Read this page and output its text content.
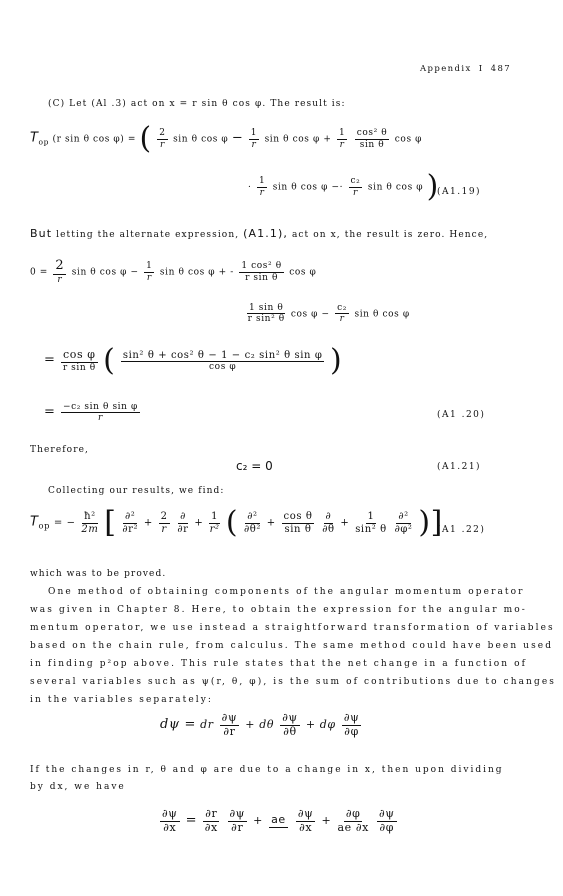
Appendix I 487
(C) Let (Al .3) act on x = r sin θ cos φ. The result is:
$T_{op}$ (r sin θ cos φ) = ( $\frac{2}{r}$ sin θ $\cos \varphi - \frac{1}{r}$ sin θ $\cos \varphi + \frac{1}{r}$
$\frac{\text{cos² θ}}{\text{sin θ}}$ cos φ
· $\frac{1}{r}$ sin θ $\cos \varphi -\cdot \frac{\text{c₂}}{r}$ sin θ cos φ )
(A1.19)
But letting the alternate expression, (A1.1), act on x, the result is zero. Hence,
$0 = \frac{2}{r}$ sin θ $\cos \varphi - \frac{1}{r}$ sin θ cos φ + - $\frac{\text{1 cos² θ}}{\text{r sin θ}}$ cos φ
$\frac{\text{1 sin θ}}{\text{r sin² θ}}$ $\cos \varphi - \frac{\text{c₂}}{r}$ sin θ cos φ
= $\frac{\text{cos φ}}{\text{r sin θ}}$ ( $\frac{\text{sin² θ + cos² θ − 1 − c₂ sin² θ sin φ}}{\text{cos φ}}$ )
= $\frac{\text{−c₂ sin θ sin φ}}{r}$	(A1 .20)
Therefore,
c₂ = 0	(A1.21)
Collecting our results, we find:
$T_{op}$ = − $\frac{\text{ħ²}}{2m}$ [ $\frac{\text{∂²}}{\text{∂r²}} + \frac{2}{r}$
$\frac{\partial}{\partial r} + \frac{1}{\text{r²}}$ ( $\frac{\text{∂²}}{\text{∂θ²}} + \frac{\text{cos θ}}{\text{sin θ}}$
$\frac{\partial}{\partial\theta} + \frac{1}{\text{sin² θ}}$
$\frac{\text{∂²}}{\text{∂φ²}}$ )]
(A1 .22)
which was to be proved.
One method of obtaining components of the angular momentum operator
was given in Chapter 8. Here, to obtain the expression for the angular mo-
mentum operator, we use instead a straightforward transformation of variables
based on the chain rule, from calculus. The same method could have been used
in finding p²op above. This rule states that the net change in a function of
several variables such as ψ(r, θ, φ), is the sum of contributions due to changes
in the variables separately:
dψ = dr $\frac{\partial\psi}{\partial r} + d\theta \frac{\partial\psi}{\partial\theta} + d\varphi \frac{\partial\psi}{\partial\varphi}$
If the changes in r, θ and φ are due to a change in x, then upon dividing
by dx, we have
$\frac{\partial\psi}{\partial x} = \frac{\partial r}{\partial x}$
$\frac{\partial\psi}{\partial r}$ + ae
$\frac{\partial\psi}{\partial x} + \frac{\partial\varphi}{ae \partial x}$
$\frac{\partial\psi}{\partial\varphi}$
